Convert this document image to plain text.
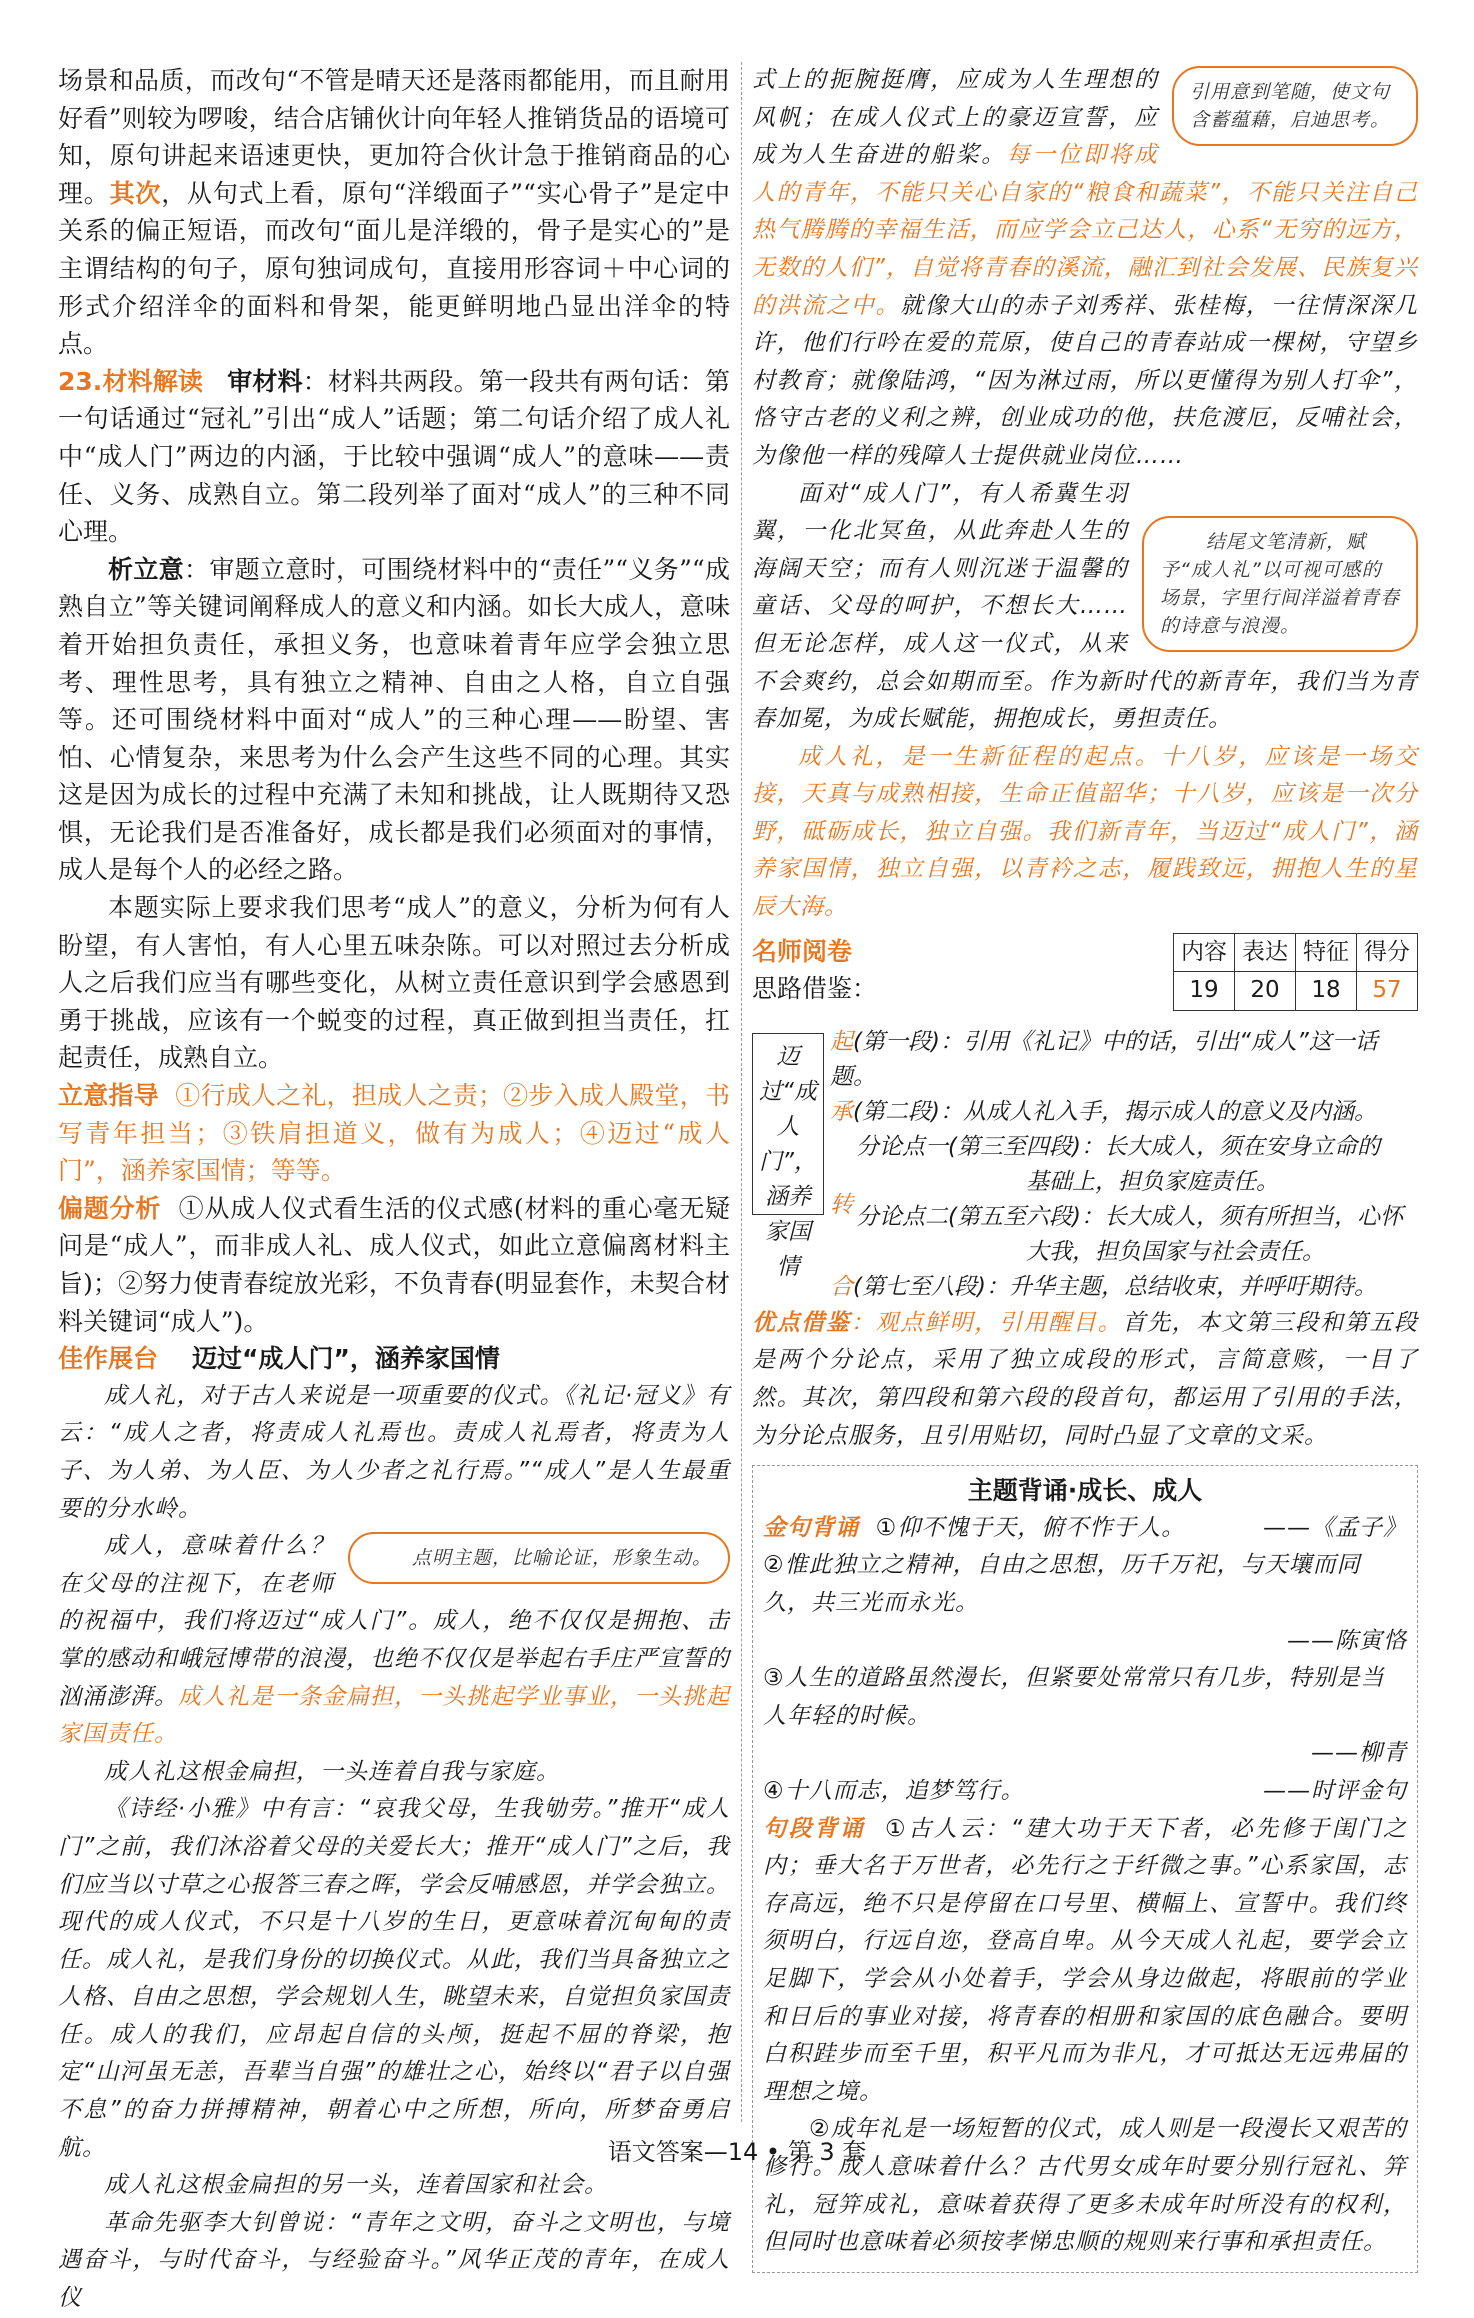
场景和品质，而改句“不管是晴天还是落雨都能用，而且耐用好看”则较为啰唆，结合店铺伙计向年轻人推销货品的语境可知，原句讲起来语速更快，更加符合伙计急于推销商品的心理。其次，从句式上看，原句“洋缎面子”“实心骨子”是定中关系的偏正短语，而改句“面儿是洋缎的，骨子是实心的”是主谓结构的句子，原句独词成句，直接用形容词＋中心词的形式介绍洋伞的面料和骨架，能更鲜明地凸显出洋伞的特点。

23.材料解读 审材料：材料共两段。第一段共有两句话：第一句话通过“冠礼”引出“成人”话题；第二句话介绍了成人礼中“成人门”两边的内涵，于比较中强调“成人”的意味——责任、义务、成熟自立。第二段列举了面对“成人”的三种不同心理。

析立意：审题立意时，可围绕材料中的“责任”“义务”“成熟自立”等关键词阐释成人的意义和内涵。如长大成人，意味着开始担负责任，承担义务，也意味着青年应学会独立思考、理性思考，具有独立之精神、自由之人格，自立自强等。还可围绕材料中面对“成人”的三种心理——盼望、害怕、心情复杂，来思考为什么会产生这些不同的心理。其实这是因为成长的过程中充满了未知和挑战，让人既期待又恐惧，无论我们是否准备好，成长都是我们必须面对的事情，成人是每个人的必经之路。

本题实际上要求我们思考“成人”的意义，分析为何有人盼望，有人害怕，有人心里五味杂陈。可以对照过去分析成人之后我们应当有哪些变化，从树立责任意识到学会感恩到勇于挑战，应该有一个蜕变的过程，真正做到担当责任，扛起责任，成熟自立。

立意指导 ①行成人之礼，担成人之责；②步入成人殿堂，书写青年担当；③铁肩担道义，做有为成人；④迈过“成人门”，涵养家国情；等等。

偏题分析 ①从成人仪式看生活的仪式感(材料的重心毫无疑问是“成人”，而非成人礼、成人仪式，如此立意偏离材料主旨)；②努力使青春绽放光彩，不负青春(明显套作，未契合材料关键词“成人”)。

佳作展台 迈过“成人门”，涵养家国情

成人礼，对于古人来说是一项重要的仪式。《礼记·冠义》有云：“成人之者，将责成人礼焉也。责成人礼焉者，将责为人子、为人弟、为人臣、为人少者之礼行焉。”“成人”是人生最重要的分水岭。

点明主题，比喻论证，形象生动。
成人，意味着什么？在父母的注视下，在老师的祝福中，我们将迈过“成人门”。成人，绝不仅仅是拥抱、击掌的感动和峨冠博带的浪漫，也绝不仅仅是举起右手庄严宣誓的汹涌澎湃。成人礼是一条金扁担，一头挑起学业事业，一头挑起家国责任。

成人礼这根金扁担，一头连着自我与家庭。

《诗经·小雅》中有言：“哀我父母，生我劬劳。”推开“成人门”之前，我们沐浴着父母的关爱长大；推开“成人门”之后，我们应当以寸草之心报答三春之晖，学会反哺感恩，并学会独立。现代的成人仪式，不只是十八岁的生日，更意味着沉甸甸的责任。成人礼，是我们身份的切换仪式。从此，我们当具备独立之人格、自由之思想，学会规划人生，眺望未来，自觉担负家国责任。成人的我们，应昂起自信的头颅，挺起不屈的脊梁，抱定“山河虽无恙，吾辈当自强”的雄壮之心，始终以“君子以自强不息”的奋力拼搏精神，朝着心中之所想，所向，所梦奋勇启航。

成人礼这根金扁担的另一头，连着国家和社会。

革命先驱李大钊曾说：“青年之文明，奋斗之文明也，与境遇奋斗，与时代奋斗，与经验奋斗。”风华正茂的青年，在成人仪

引用意到笔随，使文句含蓄蕴藉，启迪思考。
式上的扼腕挺膺，应成为人生理想的风帆；在成人仪式上的豪迈宣誓，应成为人生奋进的船桨。每一位即将成人的青年，不能只关心自家的“粮食和蔬菜”，不能只关注自己热气腾腾的幸福生活，而应学会立己达人，心系“无穷的远方，无数的人们”，自觉将青春的溪流，融汇到社会发展、民族复兴的洪流之中。就像大山的赤子刘秀祥、张桂梅，一往情深深几许，他们行吟在爱的荒原，使自己的青春站成一棵树，守望乡村教育；就像陆鸿，“因为淋过雨，所以更懂得为别人打伞”，恪守古老的义利之辨，创业成功的他，扶危渡厄，反哺社会，为像他一样的残障人士提供就业岗位……

结尾文笔清新，赋予“成人礼”以可视可感的场景，字里行间洋溢着青春的诗意与浪漫。
面对“成人门”，有人希冀生羽翼，一化北冥鱼，从此奔赴人生的海阔天空；而有人则沉迷于温馨的童话、父母的呵护，不想长大……但无论怎样，成人这一仪式，从来不会爽约，总会如期而至。作为新时代的新青年，我们当为青春加冕，为成长赋能，拥抱成长，勇担责任。

成人礼，是一生新征程的起点。十八岁，应该是一场交接，天真与成熟相接，生命正值韶华；十八岁，应该是一次分野，砥砺成长，独立自强。我们新青年，当迈过“成人门”，涵养家国情，独立自强，以青衿之志，履践致远，拥抱人生的星辰大海。

名师阅卷
思路借鉴：
内容	表达	特征	得分
19	20	18	57
迈过“成人门”，涵养家国情
起(第一段)：引用《礼记》中的话，引出“成人”这一话题。
承(第二段)：从成人礼入手，揭示成人的意义及内涵。
转
分论点一(第三至四段)：长大成人，须在安身立命的
基础上，担负家庭责任。
分论点二(第五至六段)：长大成人，须有所担当，心怀
大我，担负国家与社会责任。
合(第七至八段)：升华主题，总结收束，并呼吁期待。

优点借鉴：观点鲜明，引用醒目。首先，本文第三段和第五段是两个分论点，采用了独立成段的形式，言简意赅，一目了然。其次，第四段和第六段的段首句，都运用了引用的手法，为分论点服务，且引用贴切，同时凸显了文章的文采。

主题背诵·成长、成人
金句背诵 ①仰不愧于天，俯不怍于人。	——《孟子》
②惟此独立之精神，自由之思想，历千万祀，与天壤而同久，共三光而永光。
——陈寅恪
③人生的道路虽然漫长，但紧要处常常只有几步，特别是当人年轻的时候。
——柳青
④十八而志，追梦笃行。	——时评金句

句段背诵 ①古人云：“建大功于天下者，必先修于闺门之内；垂大名于万世者，必先行之于纤微之事。”心系家国，志存高远，绝不只是停留在口号里、横幅上、宣誓中。我们终须明白，行远自迩，登高自卑。从今天成人礼起，要学会立足脚下，学会从小处着手，学会从身边做起，将眼前的学业和日后的事业对接，将青春的相册和家国的底色融合。要明白积跬步而至千里，积平凡而为非凡，才可抵达无远弗届的理想之境。

②成年礼是一场短暂的仪式，成人则是一段漫长又艰苦的修行。成人意味着什么？古代男女成年时要分别行冠礼、笄礼，冠笄成礼，意味着获得了更多未成年时所没有的权利，但同时也意味着必须按孝悌忠顺的规则来行事和承担责任。

语文答案—14 • 第 3 套
